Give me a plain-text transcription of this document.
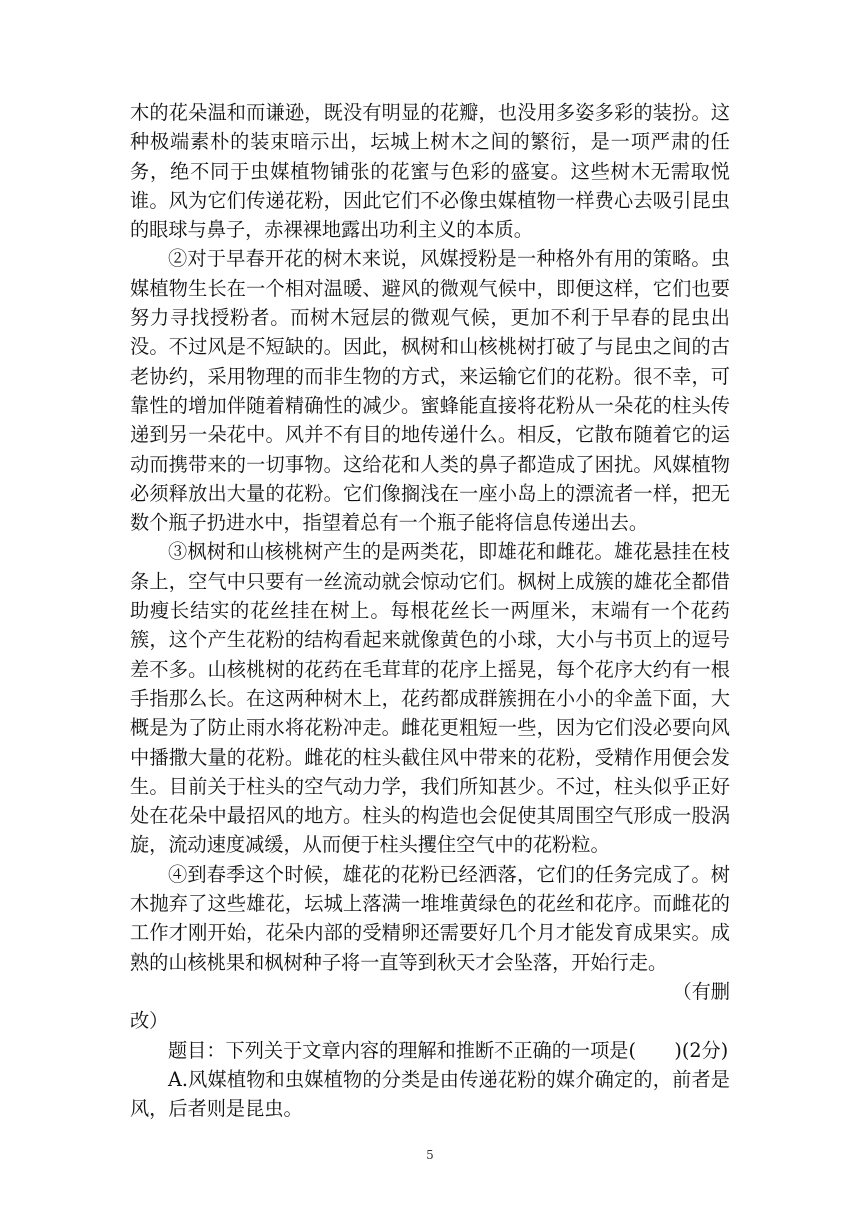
木的花朵温和而谦逊，既没有明显的花瓣，也没用多姿多彩的装扮。这种极端素朴的装束暗示出，坛城上树木之间的繁衍，是一项严肃的任务，绝不同于虫媒植物铺张的花蜜与色彩的盛宴。这些树木无需取悦谁。风为它们传递花粉，因此它们不必像虫媒植物一样费心去吸引昆虫的眼球与鼻子，赤裸裸地露出功利主义的本质。

②对于早春开花的树木来说，风媒授粉是一种格外有用的策略。虫媒植物生长在一个相对温暖、避风的微观气候中，即便这样，它们也要努力寻找授粉者。而树木冠层的微观气候，更加不利于早春的昆虫出没。不过风是不短缺的。因此，枫树和山核桃树打破了与昆虫之间的古老协约，采用物理的而非生物的方式，来运输它们的花粉。很不幸，可靠性的增加伴随着精确性的减少。蜜蜂能直接将花粉从一朵花的柱头传递到另一朵花中。风并不有目的地传递什么。相反，它散布随着它的运动而携带来的一切事物。这给花和人类的鼻子都造成了困扰。风媒植物必须释放出大量的花粉。它们像搁浅在一座小岛上的漂流者一样，把无数个瓶子扔进水中，指望着总有一个瓶子能将信息传递出去。

③枫树和山核桃树产生的是两类花，即雄花和雌花。雄花悬挂在枝条上，空气中只要有一丝流动就会惊动它们。枫树上成簇的雄花全都借助瘦长结实的花丝挂在树上。每根花丝长一两厘米，末端有一个花药簇，这个产生花粉的结构看起来就像黄色的小球，大小与书页上的逗号差不多。山核桃树的花药在毛茸茸的花序上摇晃，每个花序大约有一根手指那么长。在这两种树木上，花药都成群簇拥在小小的伞盖下面，大概是为了防止雨水将花粉冲走。雌花更粗短一些，因为它们没必要向风中播撒大量的花粉。雌花的柱头截住风中带来的花粉，受精作用便会发生。目前关于柱头的空气动力学，我们所知甚少。不过，柱头似乎正好处在花朵中最招风的地方。柱头的构造也会促使其周围空气形成一股涡旋，流动速度减缓，从而便于柱头攫住空气中的花粉粒。

④到春季这个时候，雄花的花粉已经洒落，它们的任务完成了。树木抛弃了这些雄花，坛城上落满一堆堆黄绿色的花丝和花序。而雌花的工作才刚开始，花朵内部的受精卵还需要好几个月才能发育成果实。成熟的山核桃果和枫树种子将一直等到秋天才会坠落，开始行走。

（有删

改）

题目：下列关于文章内容的理解和推断不正确的一项是(　　)(2分)

A.风媒植物和虫媒植物的分类是由传递花粉的媒介确定的，前者是风，后者则是昆虫。

5
